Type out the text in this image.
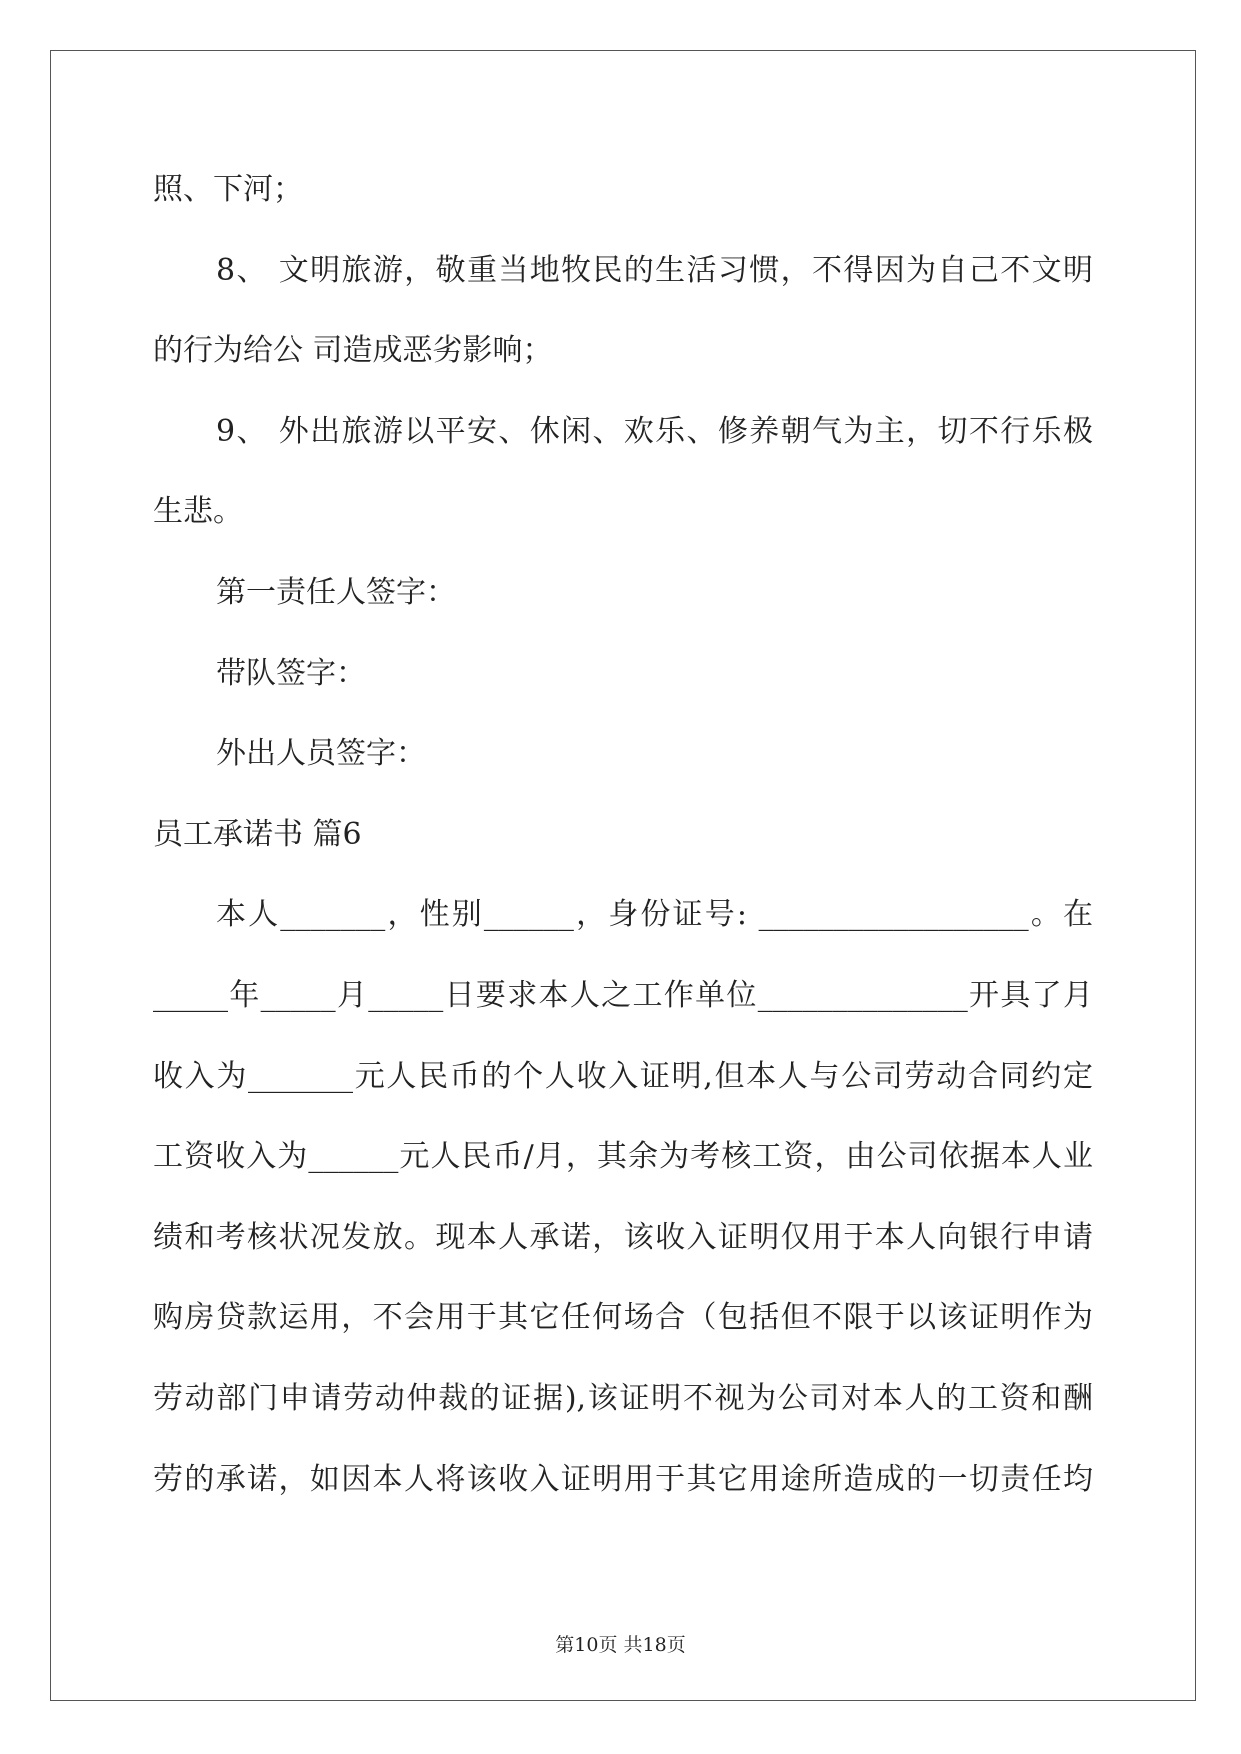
照、下河；
8、 文明旅游，敬重当地牧民的生活习惯，不得因为自己不文明
的行为给公 司造成恶劣影响；
9、 外出旅游以平安、休闲、欢乐、修养朝气为主，切不行乐极
生悲。
第一责任人签字：
带队签字：
外出人员签字：
员工承诺书 篇6
本人_______，性别______，身份证号: __________________。在
_____年_____月_____日要求本人之工作单位______________开具了月
收入为_______元人民币的个人收入证明,但本人与公司劳动合同约定
工资收入为______元人民币/月，其余为考核工资，由公司依据本人业
绩和考核状况发放。现本人承诺，该收入证明仅用于本人向银行申请
购房贷款运用，不会用于其它任何场合（包括但不限于以该证明作为
劳动部门申请劳动仲裁的证据),该证明不视为公司对本人的工资和酬
劳的承诺，如因本人将该收入证明用于其它用途所造成的一切责任均
第10页 共18页
